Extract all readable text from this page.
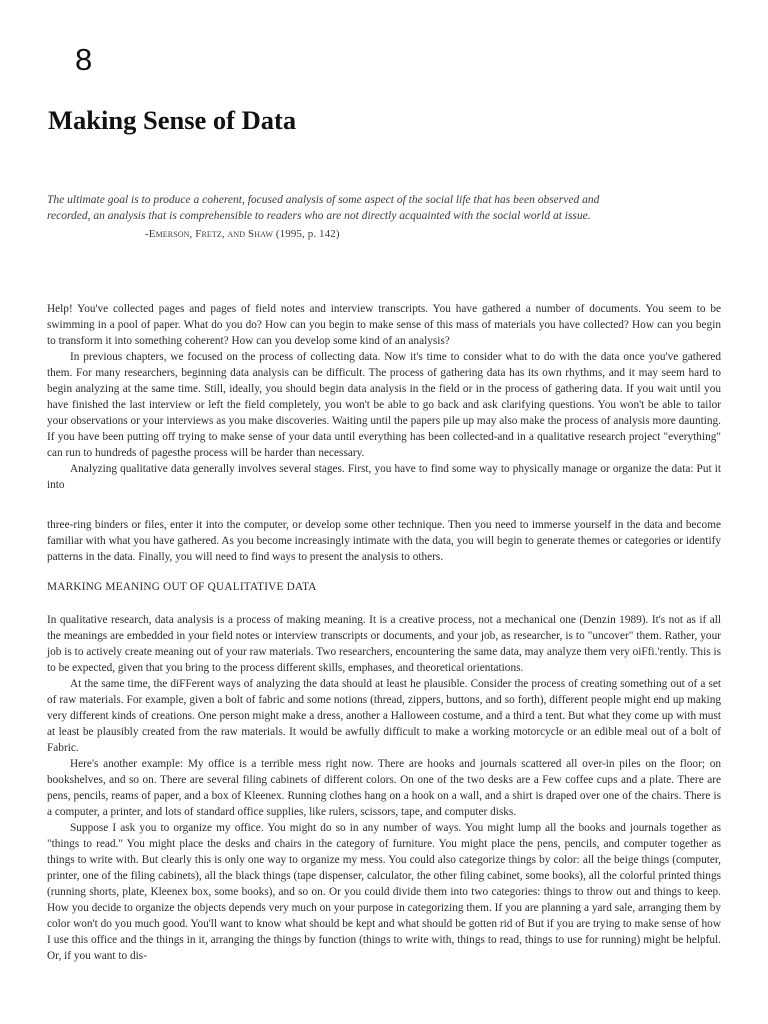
8
Making Sense of Data
The ultimate goal is to produce a coherent, focused analysis of some aspect of the social life that has been observed and recorded, an analysis that is comprehensible to readers who are not directly acquainted with the social world at issue.
-Emerson, Fretz, and Shaw (1995, p. 142)

Help! You've collected pages and pages of field notes and interview transcripts. You have gathered a number of documents. You seem to be swimming in a pool of paper. What do you do? How can you begin to make sense of this mass of materials you have collected? How can you begin to transform it into something coherent? How can you develop some kind of an analysis?

In previous chapters, we focused on the process of collecting data. Now it's time to consider what to do with the data once you've gathered them. For many researchers, beginning data analysis can be difficult. The process of gathering data has its own rhythms, and it may seem hard to begin analyzing at the same time. Still, ideally, you should begin data analysis in the field or in the process of gathering data. If you wait until you have finished the last interview or left the field completely, you won't be able to go back and ask clarifying questions. You won't be able to tailor your observations or your interviews as you make discoveries. Waiting until the papers pile up may also make the process of analysis more daunting. If you have been putting off trying to make sense of your data until everything has been collected-and in a qualitative research project "everything" can run to hundreds of pagesthe process will be harder than necessary.

Analyzing qualitative data generally involves several stages. First, you have to find some way to physically manage or organize the data: Put it into

three-ring binders or files, enter it into the computer, or develop some other technique. Then you need to immerse yourself in the data and become familiar with what you have gathered. As you become increasingly intimate with the data, you will begin to generate themes or categories or identify patterns in the data. Finally, you will need to find ways to present the analysis to others.

MARKING MEANING OUT OF QUALITATIVE DATA

In qualitative research, data analysis is a process of making meaning. It is a creative process, not a mechanical one (Denzin 1989). It's not as if all the meanings are embedded in your field notes or interview transcripts or documents, and your job, as researcher, is to "uncover" them. Rather, your job is to actively create meaning out of your raw materials. Two researchers, encountering the same data, may analyze them very oiFfi.'rently. This is to be expected, given that you bring to the process different skills, emphases, and theoretical orientations.

At the same time, the diFFerent ways of analyzing the data should at least he plausible. Consider the process of creating something out of a set of raw materials. For example, given a bolt of fabric and some notions (thread, zippers, buttons, and so forth), different people might end up making very different kinds of creations. One person might make a dress, another a Halloween costume, and a third a tent. But what they come up with must at least be plausibly created from the raw materials. It would be awfully difficult to make a working motorcycle or an edible meal out of a bolt of Fabric.

Here's another example: My office is a terrible mess right now. There are hooks and journals scattered all over-in piles on the floor; on bookshelves, and so on. There are several filing cabinets of different colors. On one of the two desks are a Few coffee cups and a plate. There are pens, pencils, reams of paper, and a box of Kleenex. Running clothes hang on a hook on a wall, and a shirt is draped over one of the chairs. There is a computer, a printer, and lots of standard office supplies, like rulers, scissors, tape, and computer disks.

Suppose I ask you to organize my office. You might do so in any number of ways. You might lump all the books and journals together as "things to read." You might place the desks and chairs in the category of furniture. You might place the pens, pencils, and computer together as things to write with. But clearly this is only one way to organize my mess. You could also categorize things by color: all the beige things (computer, printer, one of the filing cabinets), all the black things (tape dispenser, calculator, the other filing cabinet, some books), all the colorful printed things (running shorts, plate, Kleenex box, some books), and so on. Or you could divide them into two categories: things to throw out and things to keep. How you decide to organize the objects depends very much on your purpose in categorizing them. If you are planning a yard sale, arranging them by color won't do you much good. You'll want to know what should be kept and what should be gotten rid of But if you are trying to make sense of how I use this office and the things in it, arranging the things by function (things to write with, things to read, things to use for running) might be helpful. Or, if you want to dis-
